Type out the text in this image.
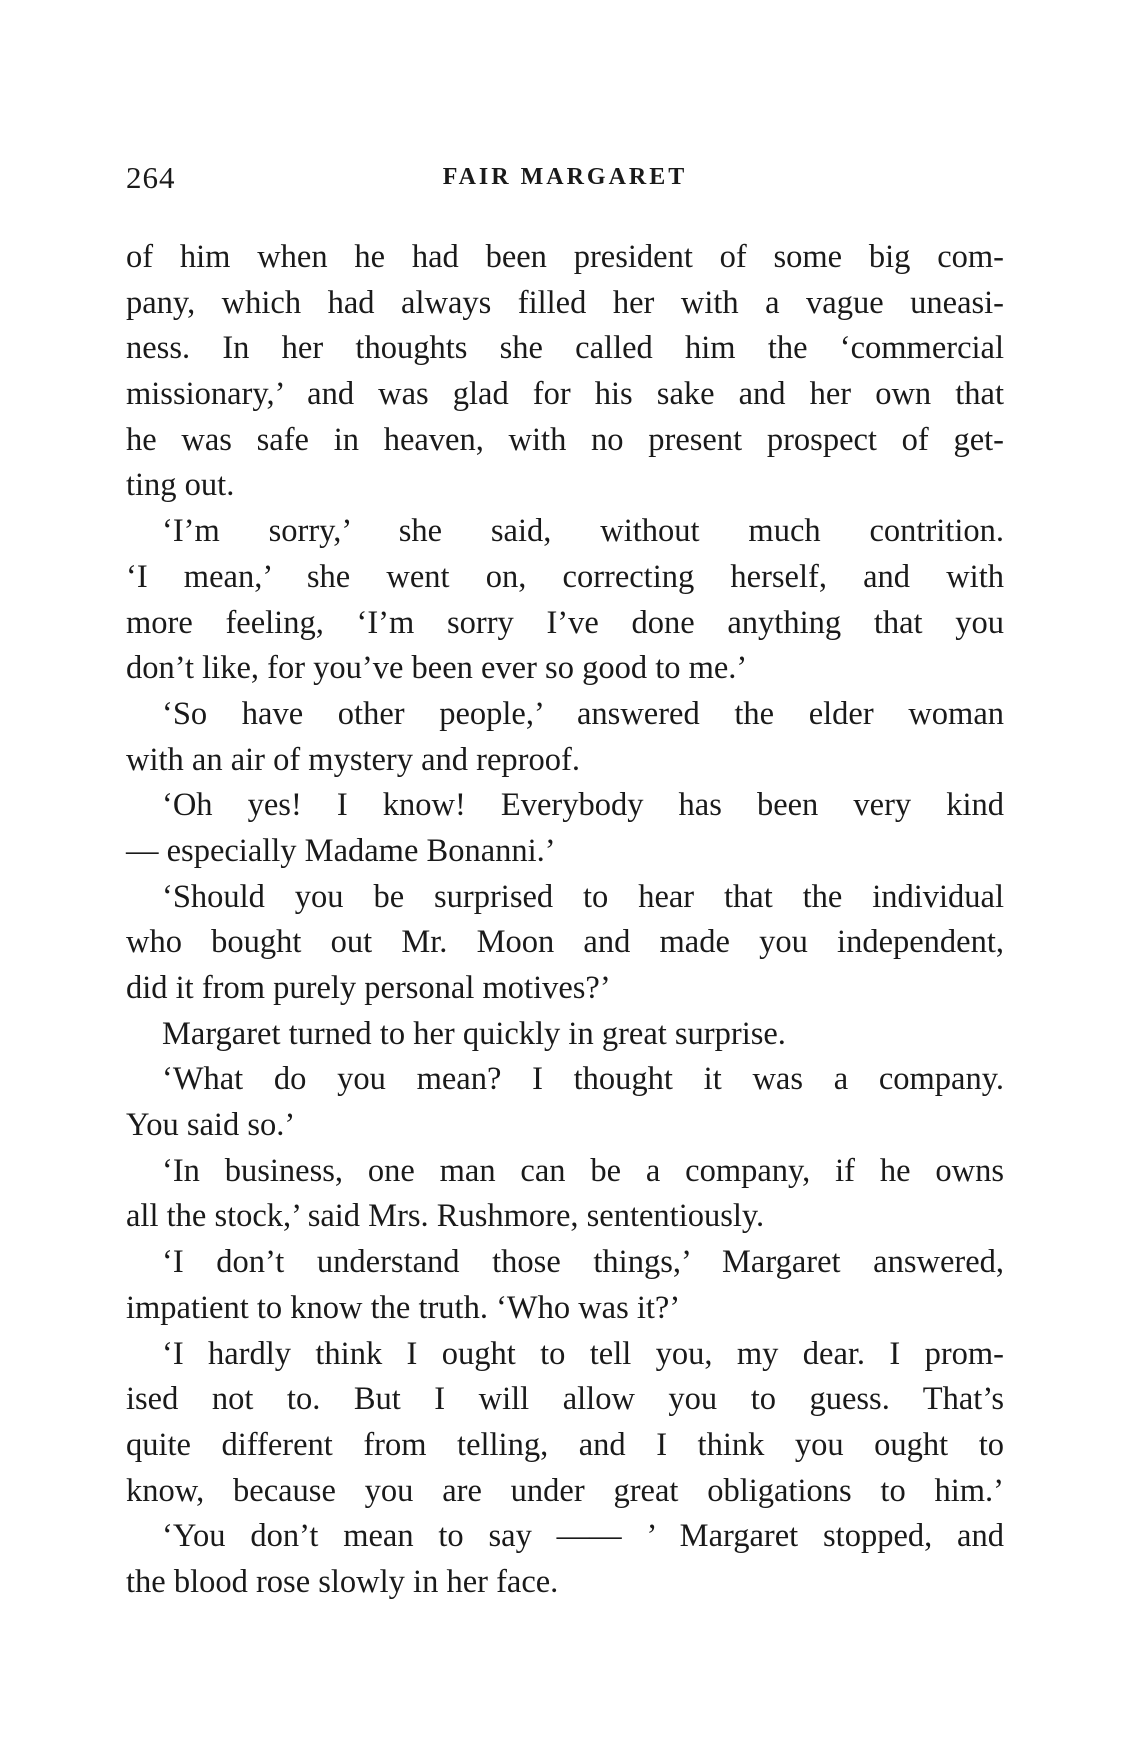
264	FAIR MARGARET
of him when he had been president of some big com-
pany, which had always filled her with a vague uneasi-
ness. In her thoughts she called him the ‘commercial
missionary,’ and was glad for his sake and her own that
he was safe in heaven, with no present prospect of get-
ting out.
‘I’m sorry,’ she said, without much contrition.
‘I mean,’ she went on, correcting herself, and with
more feeling, ‘I’m sorry I’ve done anything that you
don’t like, for you’ve been ever so good to me.’
‘So have other people,’ answered the elder woman
with an air of mystery and reproof.
‘Oh yes! I know! Everybody has been very kind
— especially Madame Bonanni.’
‘Should you be surprised to hear that the individual
who bought out Mr. Moon and made you independent,
did it from purely personal motives?’
Margaret turned to her quickly in great surprise.
‘What do you mean? I thought it was a company.
You said so.’
‘In business, one man can be a company, if he owns
all the stock,’ said Mrs. Rushmore, sententiously.
‘I don’t understand those things,’ Margaret answered,
impatient to know the truth. ‘Who was it?’
‘I hardly think I ought to tell you, my dear. I prom-
ised not to. But I will allow you to guess. That’s
quite different from telling, and I think you ought to
know, because you are under great obligations to him.’
‘You don’t mean to say —— ’ Margaret stopped, and
the blood rose slowly in her face.
